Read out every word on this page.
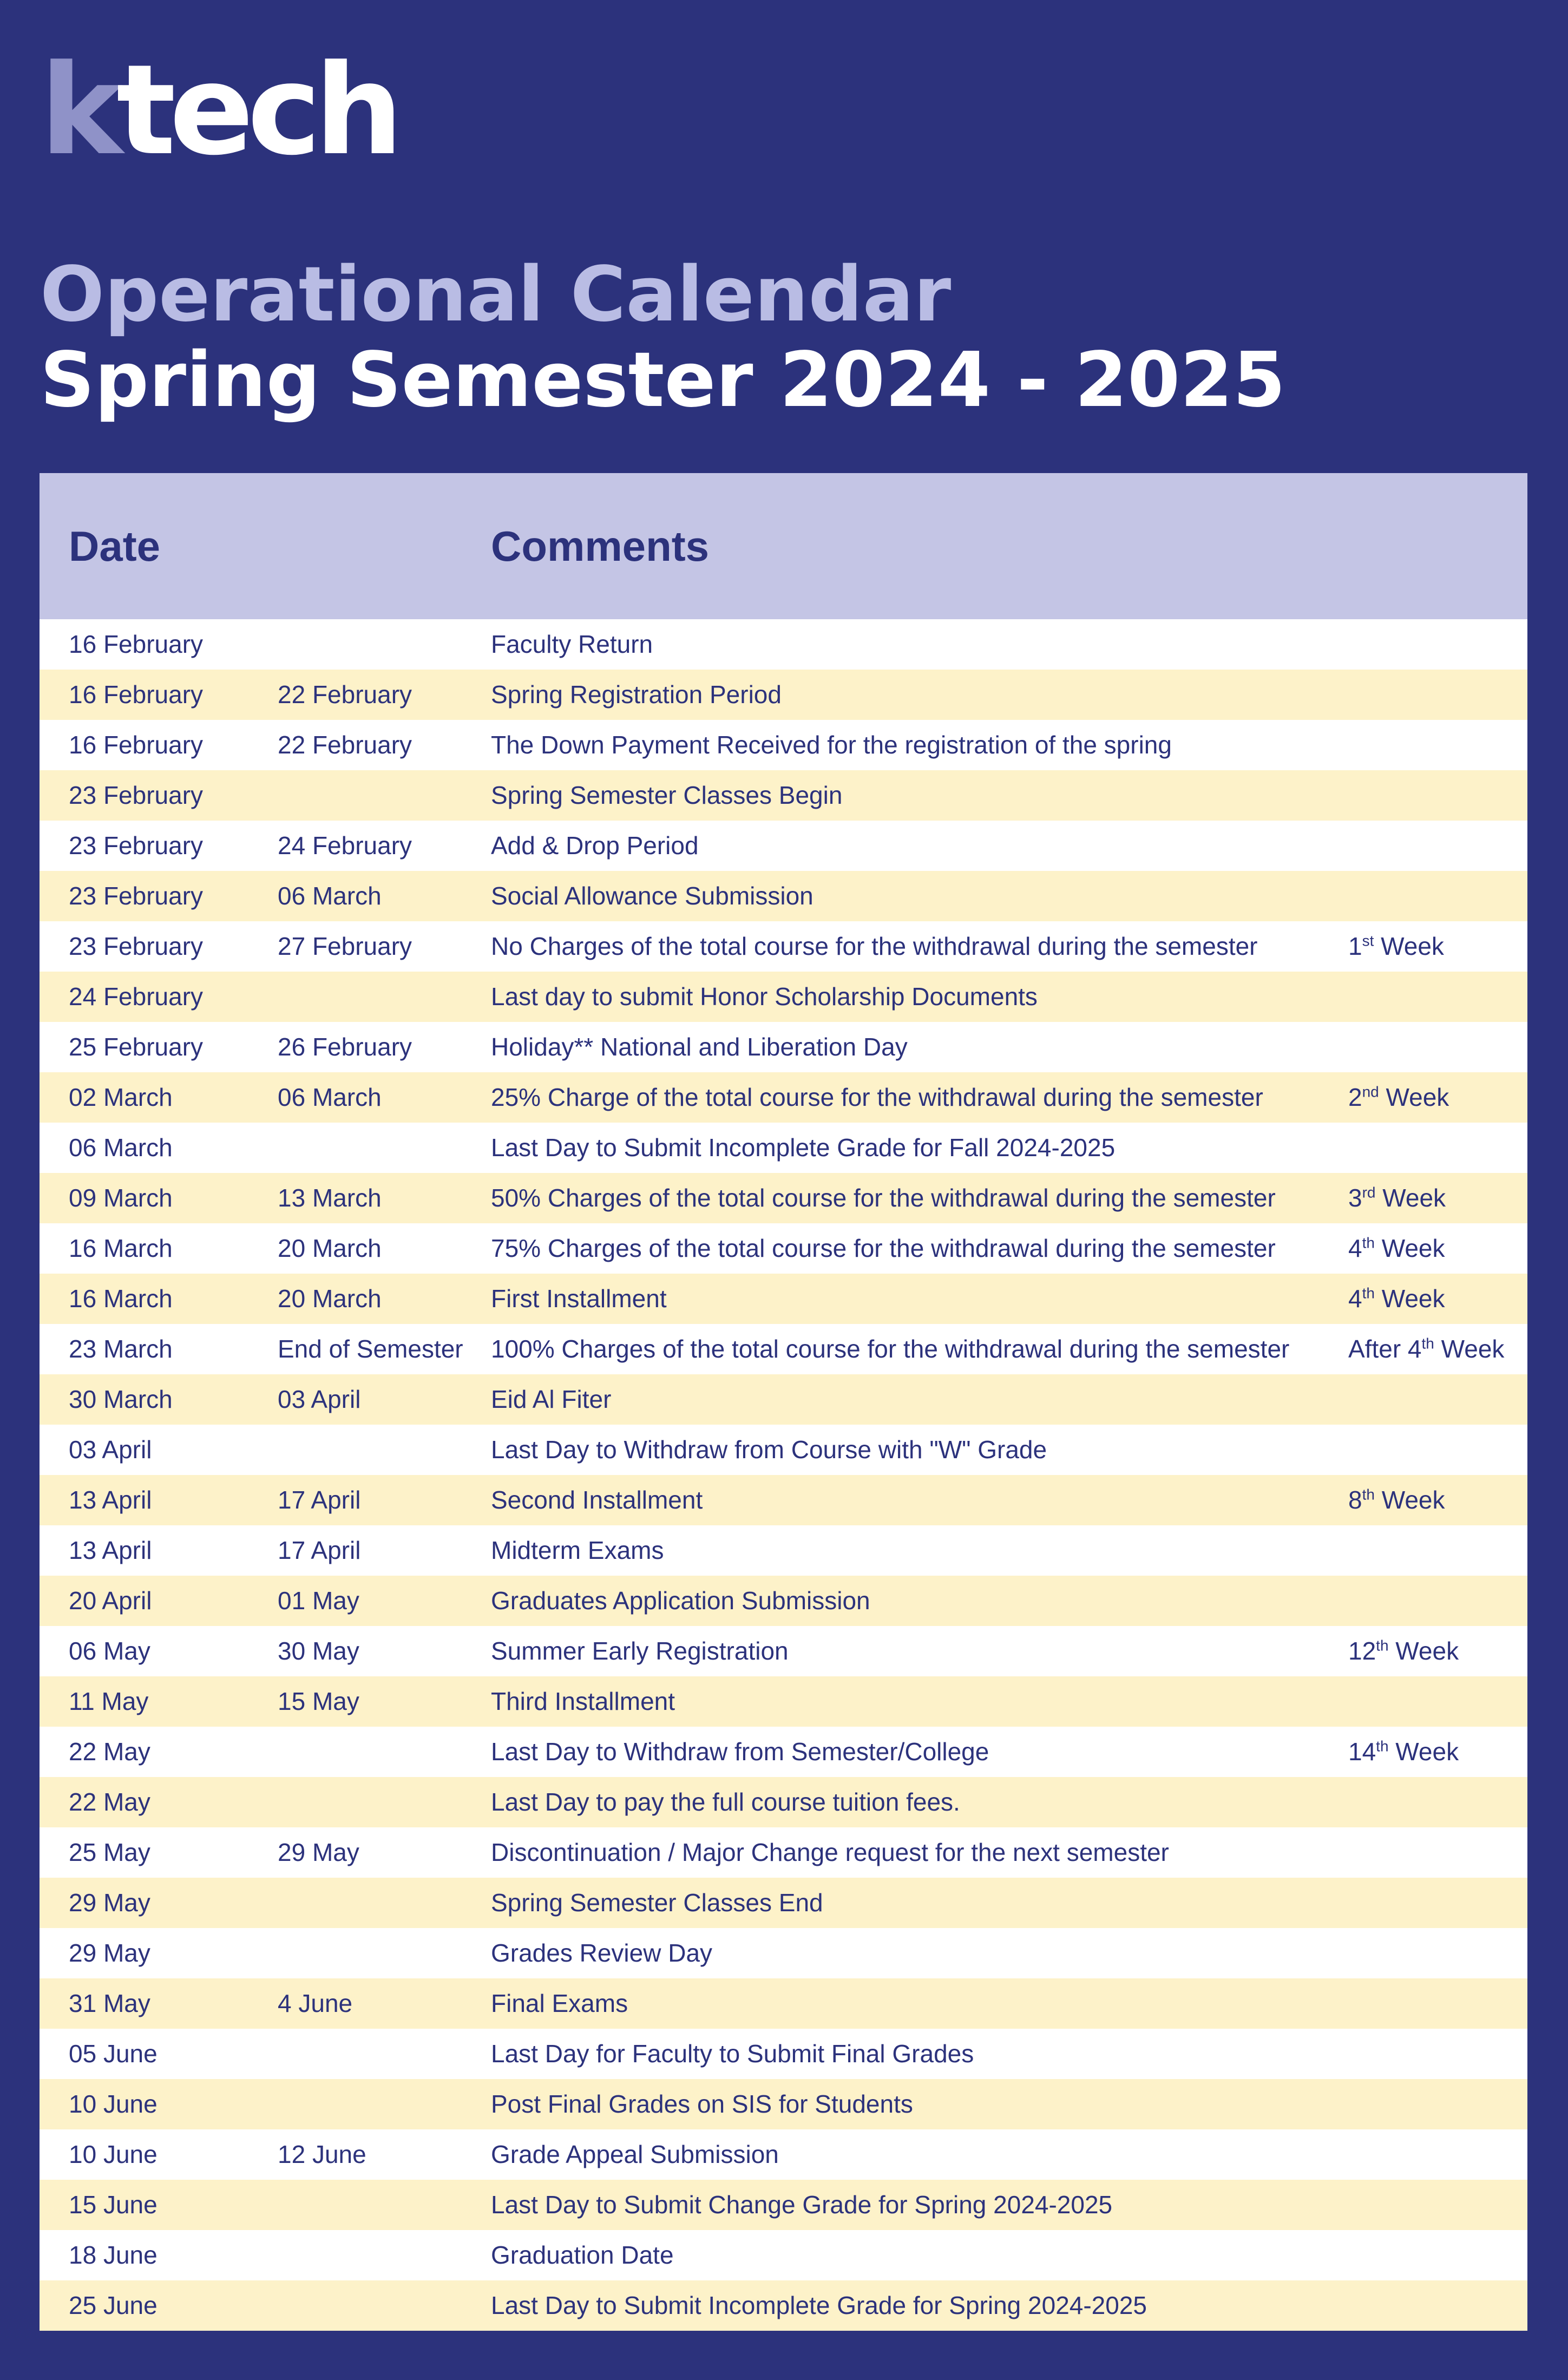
ktech
Operational Calendar
Spring Semester 2024 - 2025
Date	Comments
16 February	Faculty Return
16 February	22 February	Spring Registration Period
16 February	22 February	The Down Payment Received for the registration of the spring
23 February	Spring Semester Classes Begin
23 February	24 February	Add & Drop Period
23 February	06 March	Social Allowance Submission
23 February	27 February	No Charges of the total course for the withdrawal during the semester	1st Week
24 February	Last day to submit Honor Scholarship Documents
25 February	26 February	Holiday** National and Liberation Day
02 March	06 March	25% Charge of the total course for the withdrawal during the semester	2nd Week
06 March	Last Day to Submit Incomplete Grade for Fall 2024-2025
09 March	13 March	50% Charges of the total course for the withdrawal during the semester	3rd Week
16 March	20 March	75% Charges of the total course for the withdrawal during the semester	4th Week
16 March	20 March	First Installment	4th Week
23 March	End of Semester	100% Charges of the total course for the withdrawal during the semester	After 4th Week
30 March	03 April	Eid Al Fiter
03 April	Last Day to Withdraw from Course with "W" Grade
13 April	17 April	Second Installment	8th Week
13 April	17 April	Midterm Exams
20 April	01 May	Graduates Application Submission
06 May	30 May	Summer Early Registration	12th Week
11 May	15 May	Third Installment
22 May	Last Day to Withdraw from Semester/College	14th Week
22 May	Last Day to pay the full course tuition fees.
25 May	29 May	Discontinuation / Major Change request for the next semester
29 May	Spring Semester Classes End
29 May	Grades Review Day
31 May	4 June	Final Exams
05 June	Last Day for Faculty to Submit Final Grades
10 June	Post Final Grades on SIS for Students
10 June	12 June	Grade Appeal Submission
15 June	Last Day to Submit Change Grade for Spring 2024-2025
18 June	Graduation Date
25 June	Last Day to Submit Incomplete Grade for Spring 2024-2025
